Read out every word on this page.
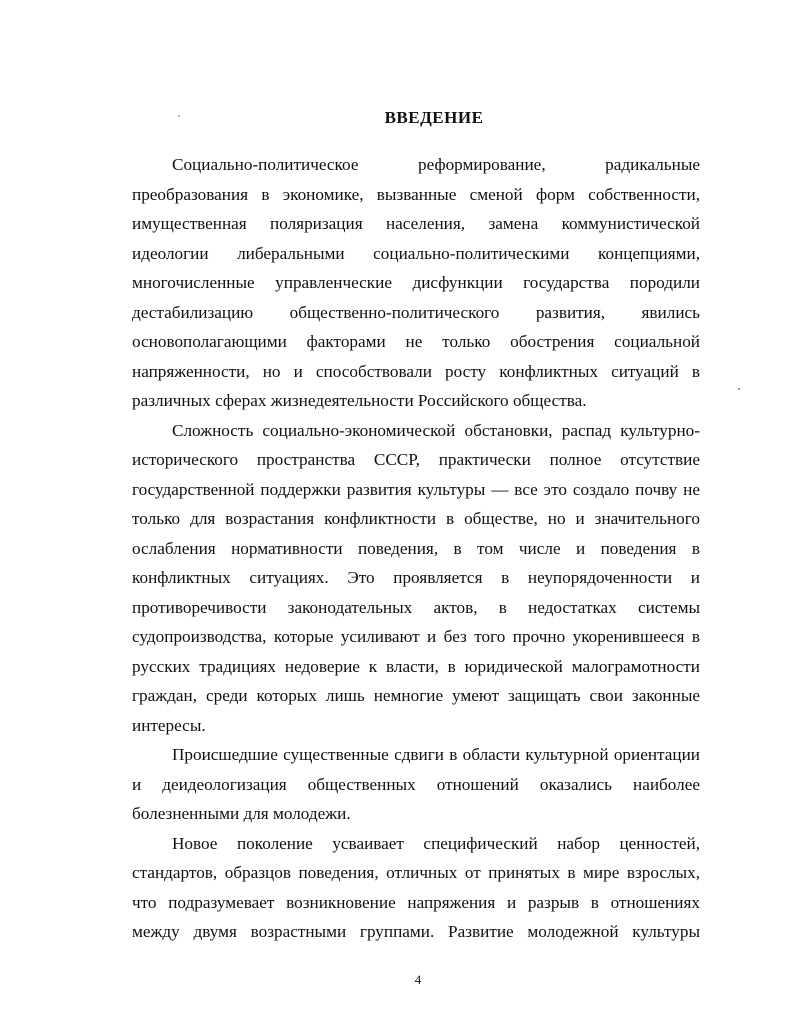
ВВЕДЕНИЕ

Социально-политическое реформирование, радикальные преобразования в экономике, вызванные сменой форм собственности, имущественная поляризация населения, замена коммунистической идеологии либеральными социально-политическими концепциями, многочисленные управленческие дисфункции государства породили дестабилизацию общественно-политического развития, явились основополагающими факторами не только обострения социальной напряженности, но и способствовали росту конфликтных ситуаций в различных сферах жизнедеятельности Российского общества.

Сложность социально-экономической обстановки, распад культурно-исторического пространства СССР, практически полное отсутствие государственной поддержки развития культуры — все это создало почву не только для возрастания конфликтности в обществе, но и значительного ослабления нормативности поведения, в том числе и поведения в конфликтных ситуациях. Это проявляется в неупорядоченности и противоречивости законодательных актов, в недостатках системы судопроизводства, которые усиливают и без того прочно укоренившееся в русских традициях недоверие к власти, в юридической малограмотности граждан, среди которых лишь немногие умеют защищать свои законные интересы.

Происшедшие существенные сдвиги в области культурной ориентации и деидеологизация общественных отношений оказались наиболее болезненными для молодежи.

Новое поколение усваивает специфический набор ценностей, стандартов, образцов поведения, отличных от принятых в мире взрослых, что подразумевает возникновение напряжения и разрыв в отношениях между двумя возрастными группами. Развитие молодежной культуры

4
